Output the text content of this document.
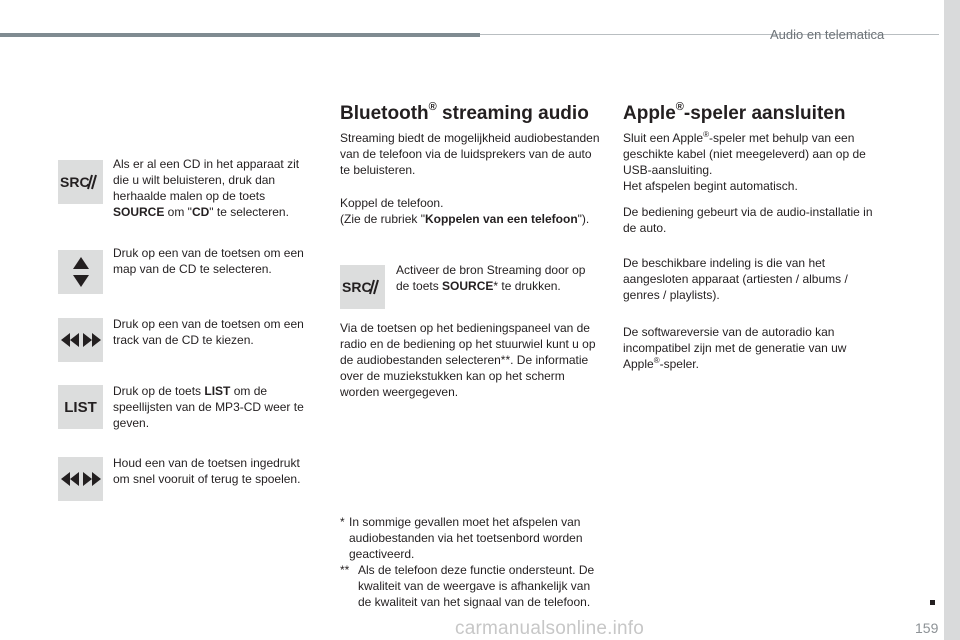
Audio en telematica
SRC
Als er al een CD in het apparaat zit die u wilt beluisteren, druk dan herhaalde malen op de toets SOURCE om "CD" te selecteren.
Druk op een van de toetsen om een map van de CD te selecteren.
Druk op een van de toetsen om een track van de CD te kiezen.
LIST
Druk op de toets LIST om de speellijsten van de MP3-CD weer te geven.
Houd een van de toetsen ingedrukt om snel vooruit of terug te spoelen.
Bluetooth® streaming audio
Streaming biedt de mogelijkheid audiobestanden van de telefoon via de luidsprekers van de auto te beluisteren.
Koppel de telefoon.
(Zie de rubriek "Koppelen van een telefoon").
SRC
Activeer de bron Streaming door op de toets SOURCE* te drukken.
Via de toetsen op het bedieningspaneel van de radio en de bediening op het stuurwiel kunt u op de audiobestanden selecteren**. De informatie over de muziekstukken kan op het scherm worden weergegeven.
* In sommige gevallen moet het afspelen van audiobestanden via het toetsenbord worden geactiveerd.
** Als de telefoon deze functie ondersteunt. De kwaliteit van de weergave is afhankelijk van de kwaliteit van het signaal van de telefoon.
Apple®-speler aansluiten
Sluit een Apple®-speler met behulp van een geschikte kabel (niet meegeleverd) aan op de USB-aansluiting.
Het afspelen begint automatisch.
De bediening gebeurt via de audio-installatie in de auto.
De beschikbare indeling is die van het aangesloten apparaat (artiesten / albums / genres / playlists).
De softwareversie van de autoradio kan incompatibel zijn met de generatie van uw Apple®-speler.
159
carmanualsonline.info
